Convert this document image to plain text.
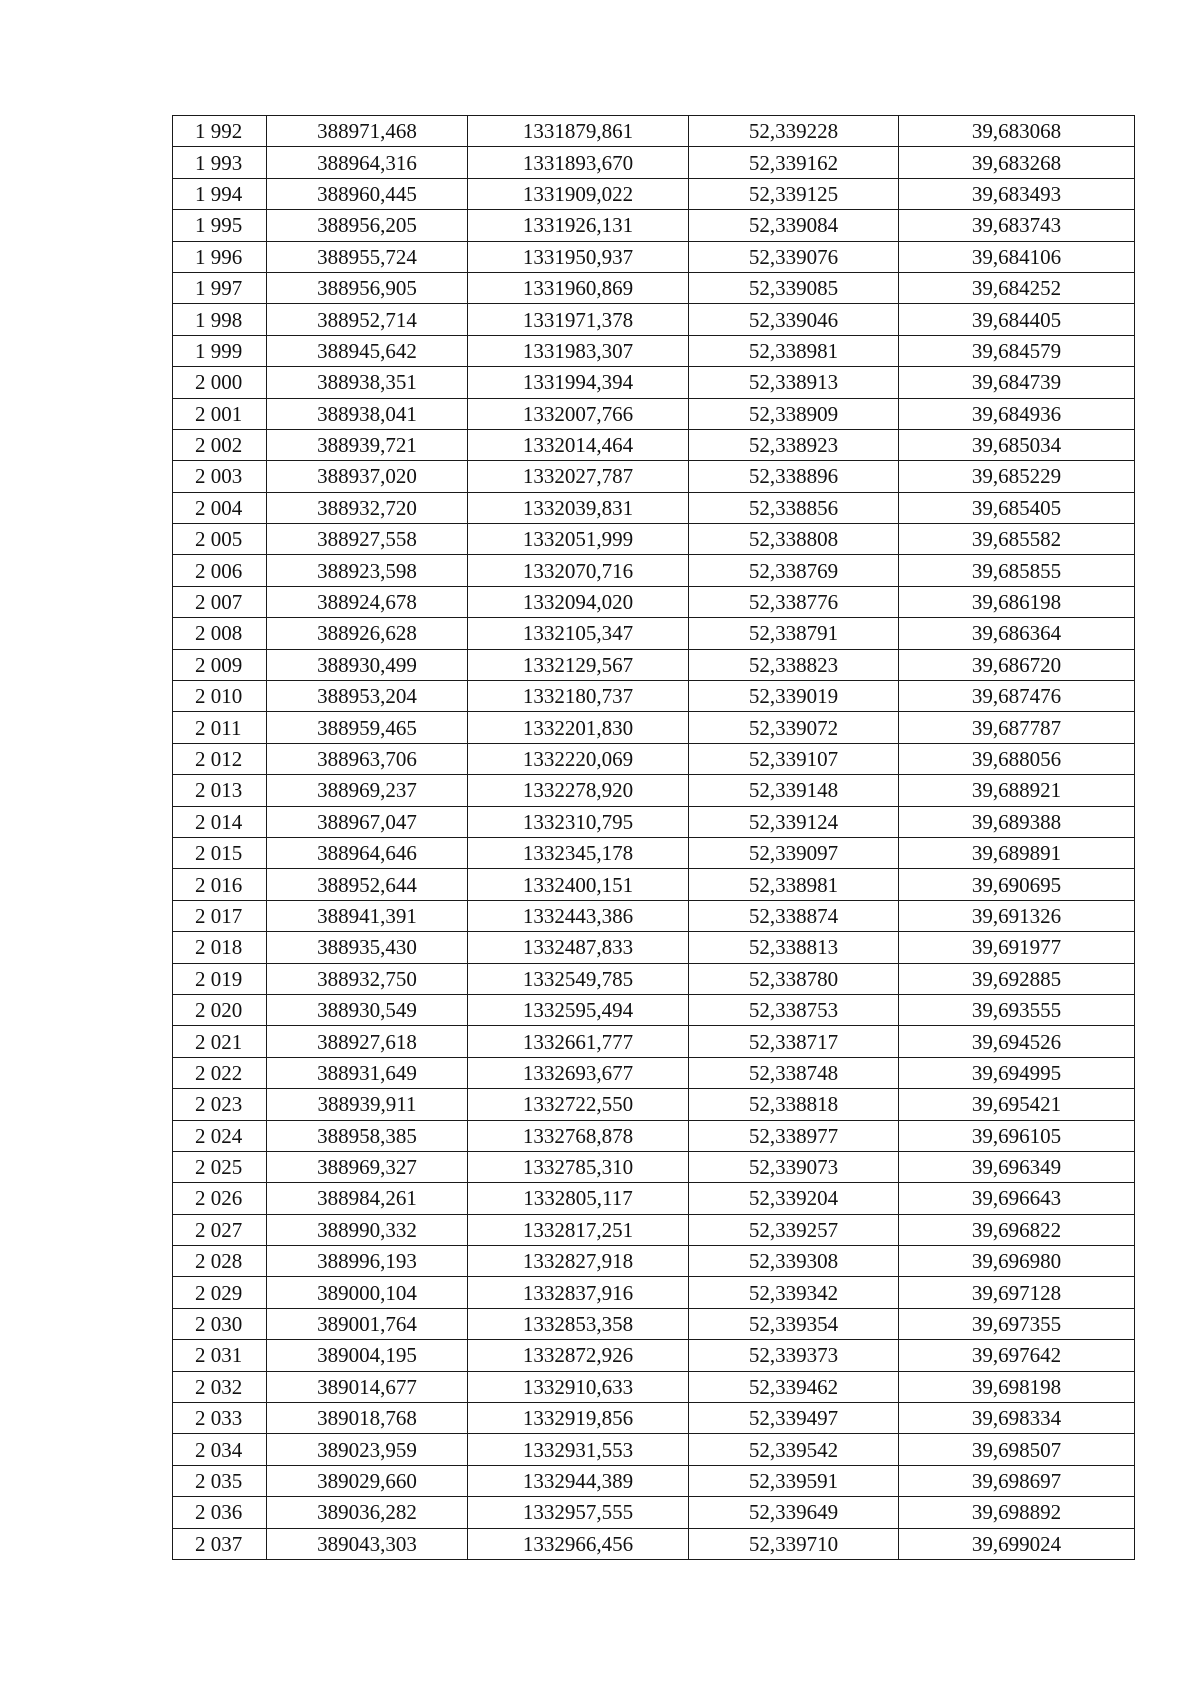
1 992	388971,468	1331879,861	52,339228	39,683068
1 993	388964,316	1331893,670	52,339162	39,683268
1 994	388960,445	1331909,022	52,339125	39,683493
1 995	388956,205	1331926,131	52,339084	39,683743
1 996	388955,724	1331950,937	52,339076	39,684106
1 997	388956,905	1331960,869	52,339085	39,684252
1 998	388952,714	1331971,378	52,339046	39,684405
1 999	388945,642	1331983,307	52,338981	39,684579
2 000	388938,351	1331994,394	52,338913	39,684739
2 001	388938,041	1332007,766	52,338909	39,684936
2 002	388939,721	1332014,464	52,338923	39,685034
2 003	388937,020	1332027,787	52,338896	39,685229
2 004	388932,720	1332039,831	52,338856	39,685405
2 005	388927,558	1332051,999	52,338808	39,685582
2 006	388923,598	1332070,716	52,338769	39,685855
2 007	388924,678	1332094,020	52,338776	39,686198
2 008	388926,628	1332105,347	52,338791	39,686364
2 009	388930,499	1332129,567	52,338823	39,686720
2 010	388953,204	1332180,737	52,339019	39,687476
2 011	388959,465	1332201,830	52,339072	39,687787
2 012	388963,706	1332220,069	52,339107	39,688056
2 013	388969,237	1332278,920	52,339148	39,688921
2 014	388967,047	1332310,795	52,339124	39,689388
2 015	388964,646	1332345,178	52,339097	39,689891
2 016	388952,644	1332400,151	52,338981	39,690695
2 017	388941,391	1332443,386	52,338874	39,691326
2 018	388935,430	1332487,833	52,338813	39,691977
2 019	388932,750	1332549,785	52,338780	39,692885
2 020	388930,549	1332595,494	52,338753	39,693555
2 021	388927,618	1332661,777	52,338717	39,694526
2 022	388931,649	1332693,677	52,338748	39,694995
2 023	388939,911	1332722,550	52,338818	39,695421
2 024	388958,385	1332768,878	52,338977	39,696105
2 025	388969,327	1332785,310	52,339073	39,696349
2 026	388984,261	1332805,117	52,339204	39,696643
2 027	388990,332	1332817,251	52,339257	39,696822
2 028	388996,193	1332827,918	52,339308	39,696980
2 029	389000,104	1332837,916	52,339342	39,697128
2 030	389001,764	1332853,358	52,339354	39,697355
2 031	389004,195	1332872,926	52,339373	39,697642
2 032	389014,677	1332910,633	52,339462	39,698198
2 033	389018,768	1332919,856	52,339497	39,698334
2 034	389023,959	1332931,553	52,339542	39,698507
2 035	389029,660	1332944,389	52,339591	39,698697
2 036	389036,282	1332957,555	52,339649	39,698892
2 037	389043,303	1332966,456	52,339710	39,699024
